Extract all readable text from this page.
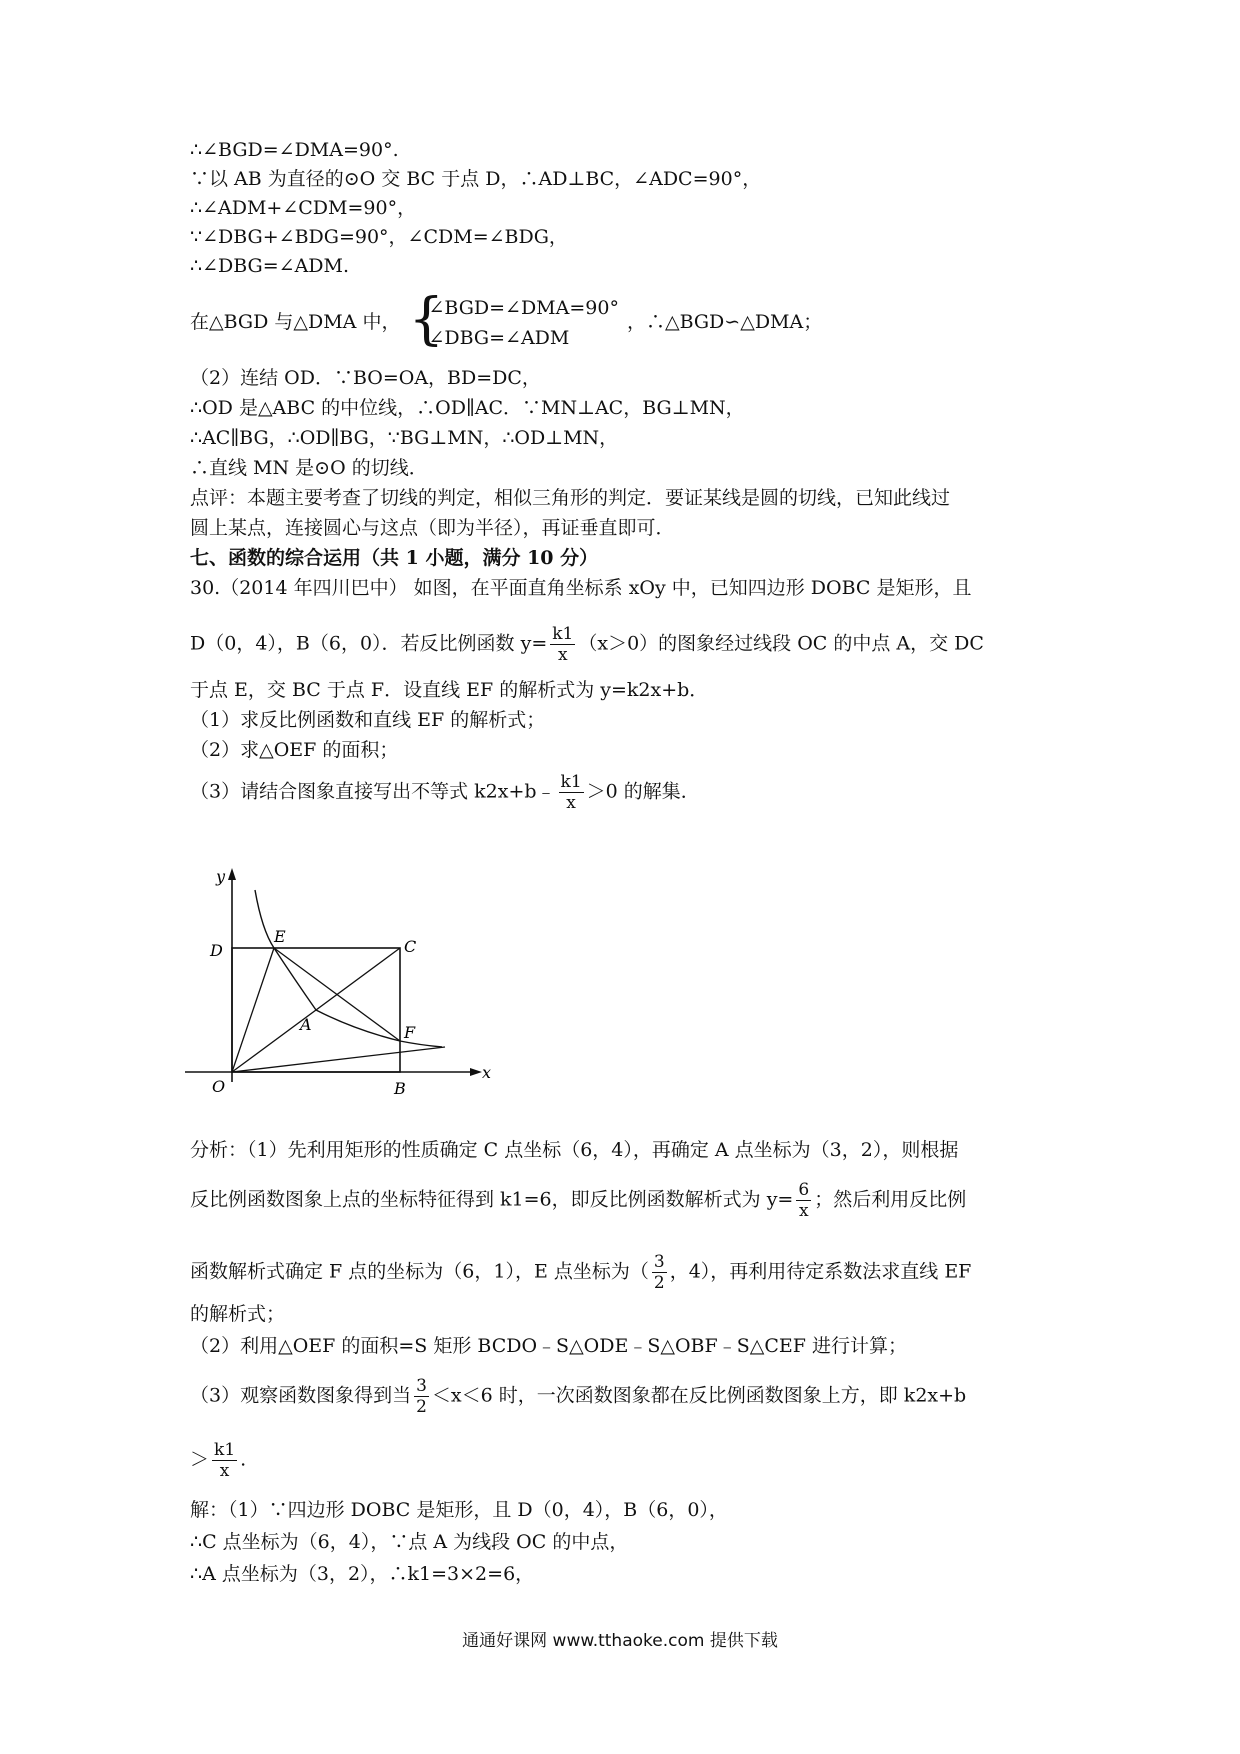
∴∠BGD=∠DMA=90°.
∵以 AB 为直径的⊙O 交 BC 于点 D，∴AD⊥BC，∠ADC=90°，
∴∠ADM+∠CDM=90°，
∵∠DBG+∠BDG=90°，∠CDM=∠BDG，
∴∠DBG=∠ADM.
在△BGD 与△DMA 中， {
∠BGD=∠DMA=90°
∠DBG=∠ADM
，∴△BGD∽△DMA；
（2）连结 OD．∵BO=OA，BD=DC，
∴OD 是△ABC 的中位线，∴OD∥AC．∵MN⊥AC，BG⊥MN，
∴AC∥BG，∴OD∥BG，∵BG⊥MN，∴OD⊥MN，
∴直线 MN 是⊙O 的切线．
点评：本题主要考查了切线的判定，相似三角形的判定．要证某线是圆的切线，已知此线过
圆上某点，连接圆心与这点（即为半径），再证垂直即可．
七、函数的综合运用（共 1 小题，满分 10 分）
30.（2014 年四川巴中） 如图，在平面直角坐标系 xOy 中，已知四边形 DOBC 是矩形，且
D（0，4），B（6，0）．若反比例函数 $y= \frac{k1}{x} (x>0)$的图象经过线段 OC 的中点 A，交 DC
于点 E，交 BC 于点 F．设直线 EF 的解析式为 y=k2x+b．
（1）求反比例函数和直线 EF 的解析式；
（2）求△OEF 的面积；
（3）请结合图象直接写出不等式 k2x+b﹣ $\frac{k1}{x} >0$ 的解集．
y
x
O
D
E
C
A	F
B
分析：（1）先利用矩形的性质确定 C 点坐标（6，4），再确定 A 点坐标为（3，2），则根据
反比例函数图象上点的坐标特征得到 k1=6，即反比例函数解析式为 $y= \frac{6}{x}$ ；然后利用反比例
函数解析式确定 F 点的坐标为（6，1），E 点坐标为（ $\frac{3}{2}$ ，4），再利用待定系数法求直线 EF
的解析式；
（2）利用△OEF 的面积=S 矩形 BCDO﹣S△ODE﹣S△OBF﹣S△CEF 进行计算；
（3）观察函数图象得到当 $\frac{3}{2} <x<6$ 时，一次函数图象都在反比例函数图象上方，即 k2x+b
＞ $\frac{k1}{x}$ .
解：（1）∵四边形 DOBC 是矩形，且 D（0，4），B（6，0），
∴C 点坐标为（6，4），∵点 A 为线段 OC 的中点，
∴A 点坐标为（3，2），∴k1=3×2=6，
通通好课网 www.tthaoke.com 提供下载
